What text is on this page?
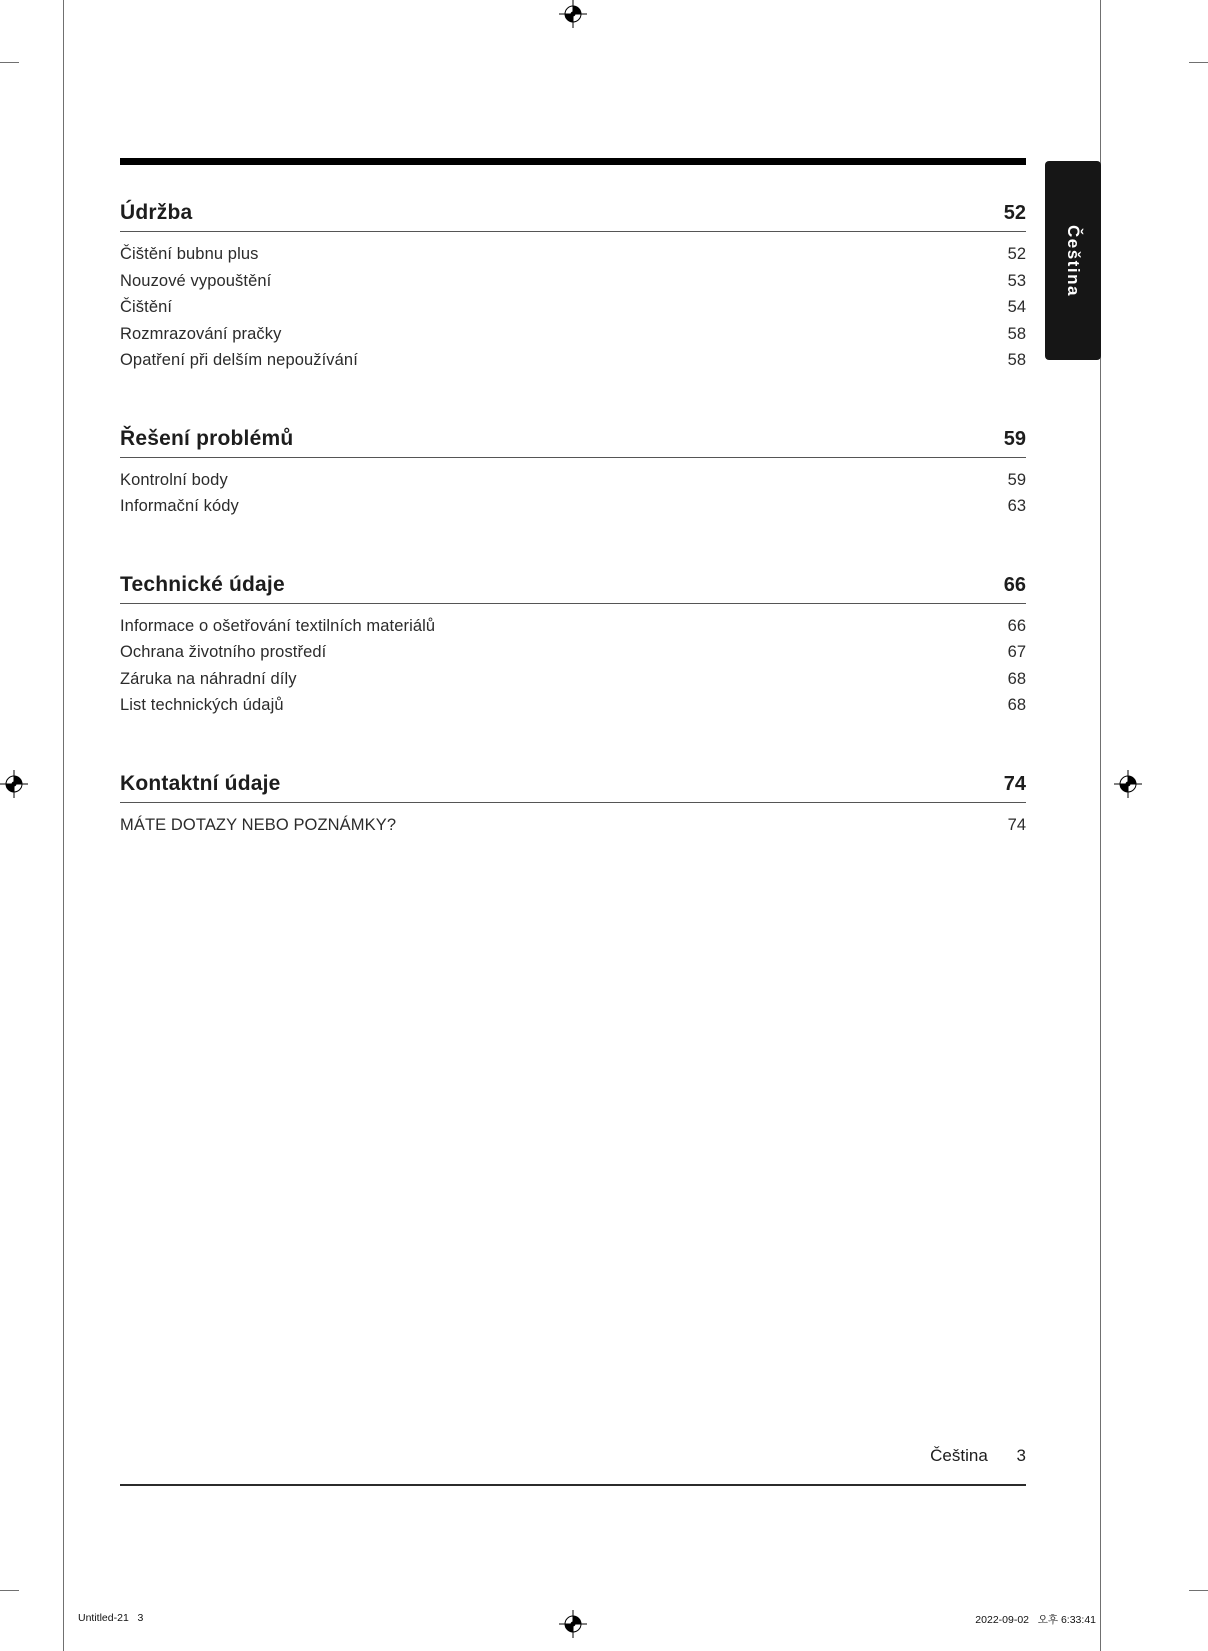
Čeština
Údržba	52
Čištění bubnu plus	52
Nouzové vypouštění	53
Čištění	54
Rozmrazování pračky	58
Opatření při delším nepoužívání	58
Řešení problémů	59
Kontrolní body	59
Informační kódy	63
Technické údaje	66
Informace o ošetřování textilních materiálů	66
Ochrana životního prostředí	67
Záruka na náhradní díly	68
List technických údajů	68
Kontaktní údaje	74
MÁTE DOTAZY NEBO POZNÁMKY?	74
Čeština 3
Untitled-21   3	2022-09-02   오후 6:33:41
